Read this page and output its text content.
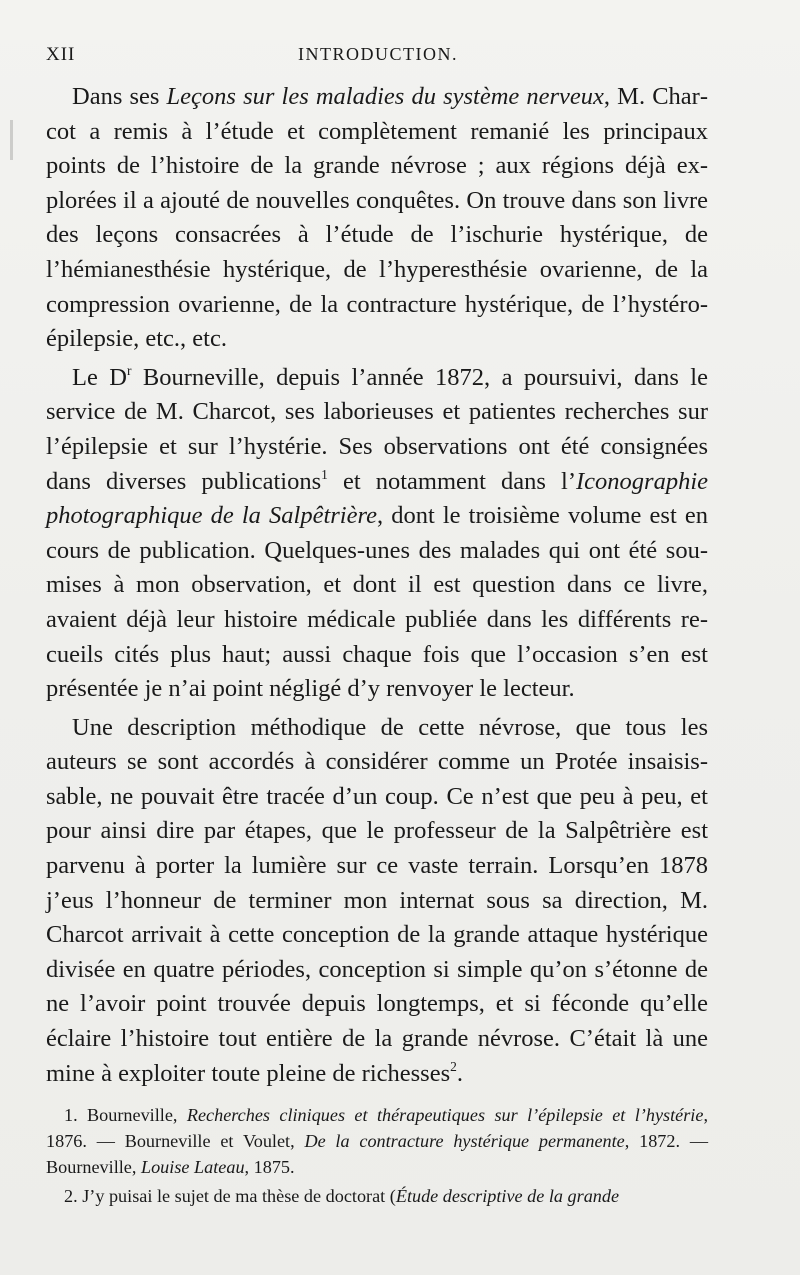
XII	INTRODUCTION.

Dans ses Leçons sur les maladies du système nerveux, M. Charcot a remis à l’étude et complètement remanié les principaux points de l’histoire de la grande névrose ; aux régions déjà explorées il a ajouté de nouvelles conquêtes. On trouve dans son livre des leçons consacrées à l’étude de l’ischurie hystérique, de l’hémianesthésie hystérique, de l’hyperesthésie ovarienne, de la compression ovarienne, de la contracture hystérique, de l’hystéro-épilepsie, etc., etc.

Le $D^r$ Bourneville, depuis l’année 1872, a poursuivi, dans le service de M. Charcot, ses laborieuses et patientes recherches sur l’épilepsie et sur l’hystérie. Ses observations ont été consignées dans diverses publications$^1$ et notamment dans l’Iconographie photographique de la Salpêtrière, dont le troisième volume est en cours de publication. Quelques-unes des malades qui ont été soumises à mon observation, et dont il est question dans ce livre, avaient déjà leur histoire médicale publiée dans les différents recueils cités plus haut; aussi chaque fois que l’occasion s’en est présentée je n’ai point négligé d’y renvoyer le lecteur.

Une description méthodique de cette névrose, que tous les auteurs se sont accordés à considérer comme un Protée insaisissable, ne pouvait être tracée d’un coup. Ce n’est que peu à peu, et pour ainsi dire par étapes, que le professeur de la Salpêtrière est parvenu à porter la lumière sur ce vaste terrain. Lorsqu’en 1878 j’eus l’honneur de terminer mon internat sous sa direction, M. Charcot arrivait à cette conception de la grande attaque hystérique divisée en quatre périodes, conception si simple qu’on s’étonne de ne l’avoir point trouvée depuis longtemps, et si féconde qu’elle éclaire l’histoire tout entière de la grande névrose. C’était là une mine à exploiter toute pleine de richesses$^2$.

1. Bourneville, Recherches cliniques et thérapeutiques sur l’épilepsie et l’hystérie, 1876. — Bourneville et Voulet, De la contracture hystérique permanente, 1872. — Bourneville, Louise Lateau, 1875.

2. J’y puisai le sujet de ma thèse de doctorat (Étude descriptive de la grande
